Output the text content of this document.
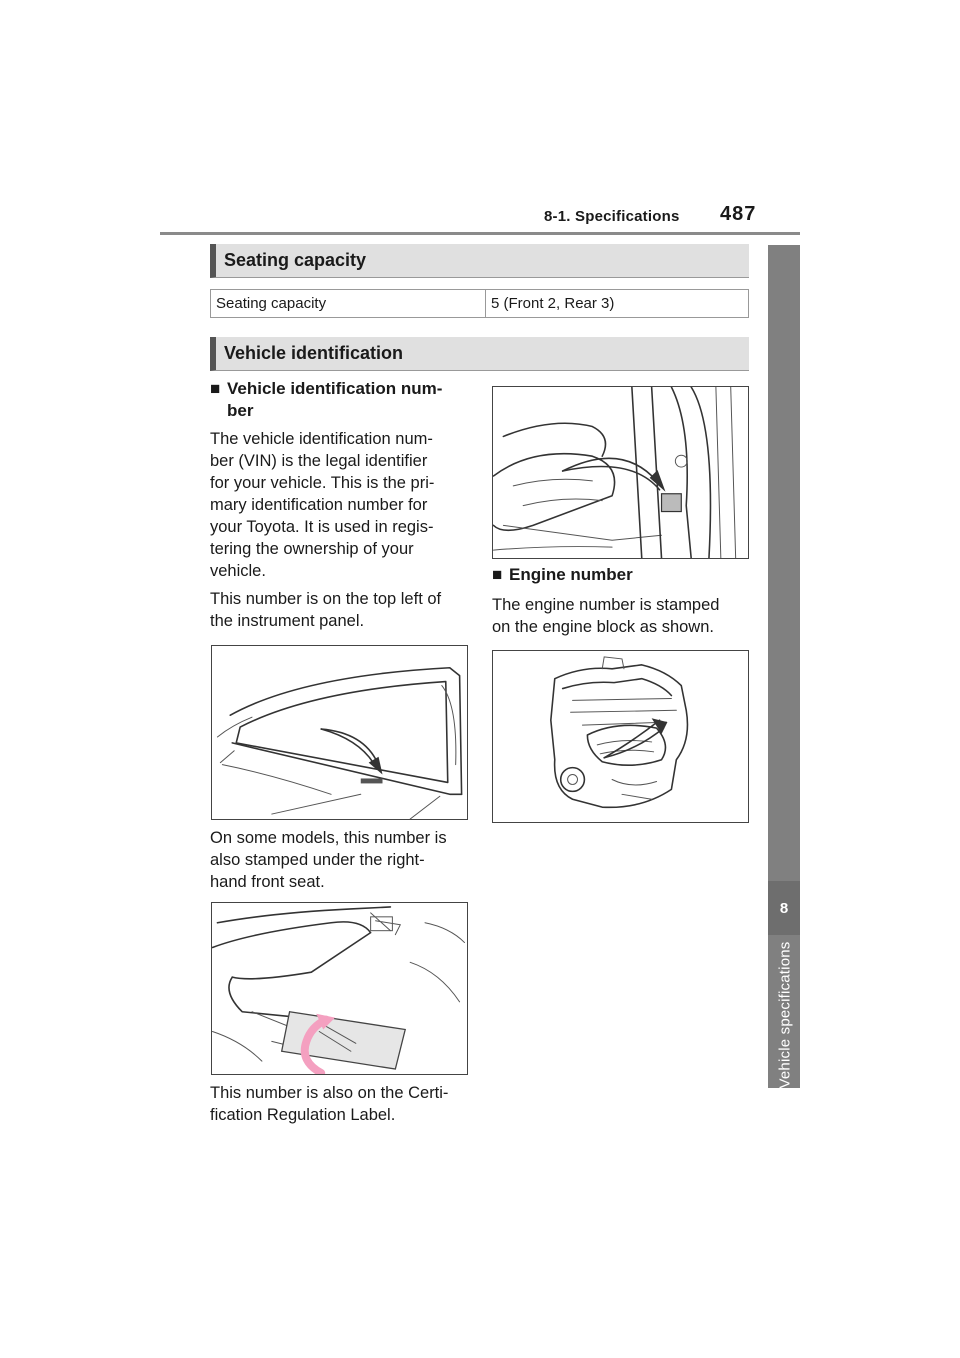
8-1. Specifications 487
8
Vehicle specifications
Seating capacity
Seating capacity	5 (Front 2, Rear 3)
Vehicle identification
■ Vehicle identification num-
ber
The vehicle identification num-
ber (VIN) is the legal identifier
for your vehicle. This is the pri-
mary identification number for
your Toyota. It is used in regis-
tering the ownership of your
vehicle.
This number is on the top left of
the instrument panel.
On some models, this number is
also stamped under the right-
hand front seat.
This number is also on the Certi-
fication Regulation Label.
■ Engine number
The engine number is stamped
on the engine block as shown.
